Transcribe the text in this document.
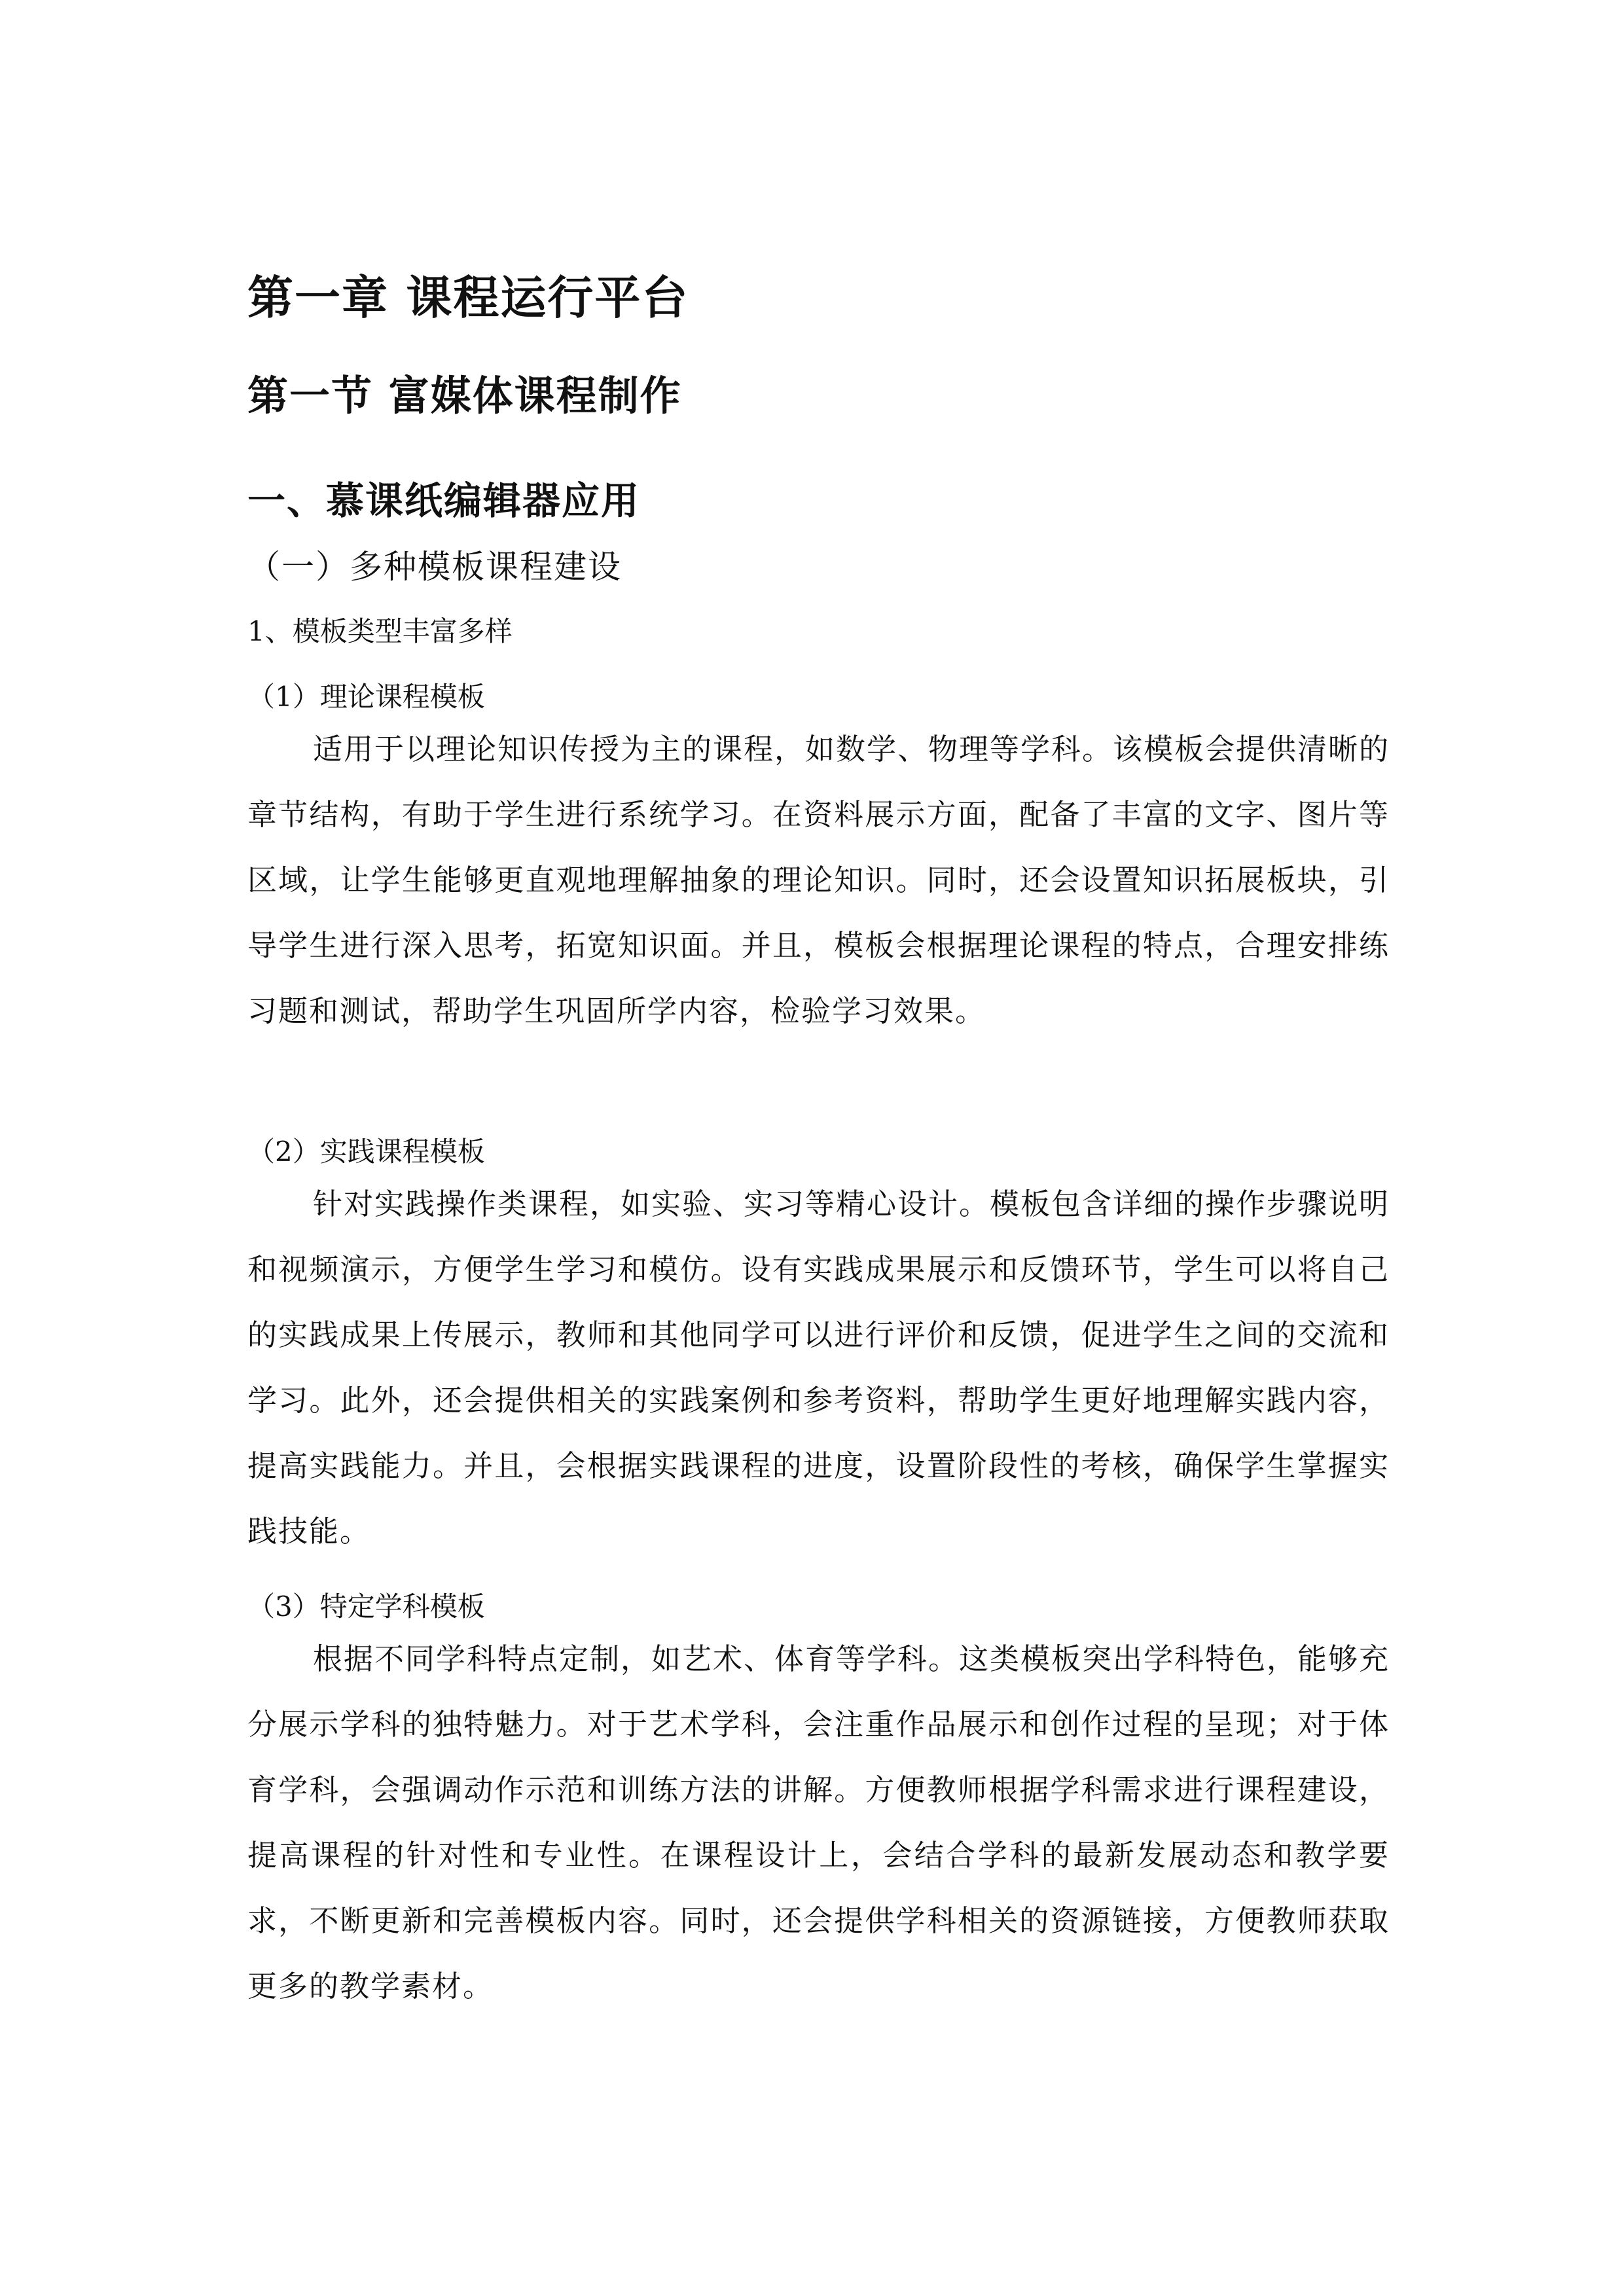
第一章 课程运行平台
第一节 富媒体课程制作
一、慕课纸编辑器应用
（一）多种模板课程建设
1、模板类型丰富多样
（1）理论课程模板

适用于以理论知识传授为主的课程，如数学、物理等学科。该模板会提供清晰的章节结构，有助于学生进行系统学习。在资料展示方面，配备了丰富的文字、图片等区域，让学生能够更直观地理解抽象的理论知识。同时，还会设置知识拓展板块，引导学生进行深入思考，拓宽知识面。并且，模板会根据理论课程的特点，合理安排练习题和测试，帮助学生巩固所学内容，检验学习效果。

（2）实践课程模板

针对实践操作类课程，如实验、实习等精心设计。模板包含详细的操作步骤说明和视频演示，方便学生学习和模仿。设有实践成果展示和反馈环节，学生可以将自己的实践成果上传展示，教师和其他同学可以进行评价和反馈，促进学生之间的交流和学习。此外，还会提供相关的实践案例和参考资料，帮助学生更好地理解实践内容，提高实践能力。并且，会根据实践课程的进度，设置阶段性的考核，确保学生掌握实践技能。

（3）特定学科模板

根据不同学科特点定制，如艺术、体育等学科。这类模板突出学科特色，能够充分展示学科的独特魅力。对于艺术学科，会注重作品展示和创作过程的呈现；对于体育学科，会强调动作示范和训练方法的讲解。方便教师根据学科需求进行课程建设，提高课程的针对性和专业性。在课程设计上，会结合学科的最新发展动态和教学要求，不断更新和完善模板内容。同时，还会提供学科相关的资源链接，方便教师获取更多的教学素材。
